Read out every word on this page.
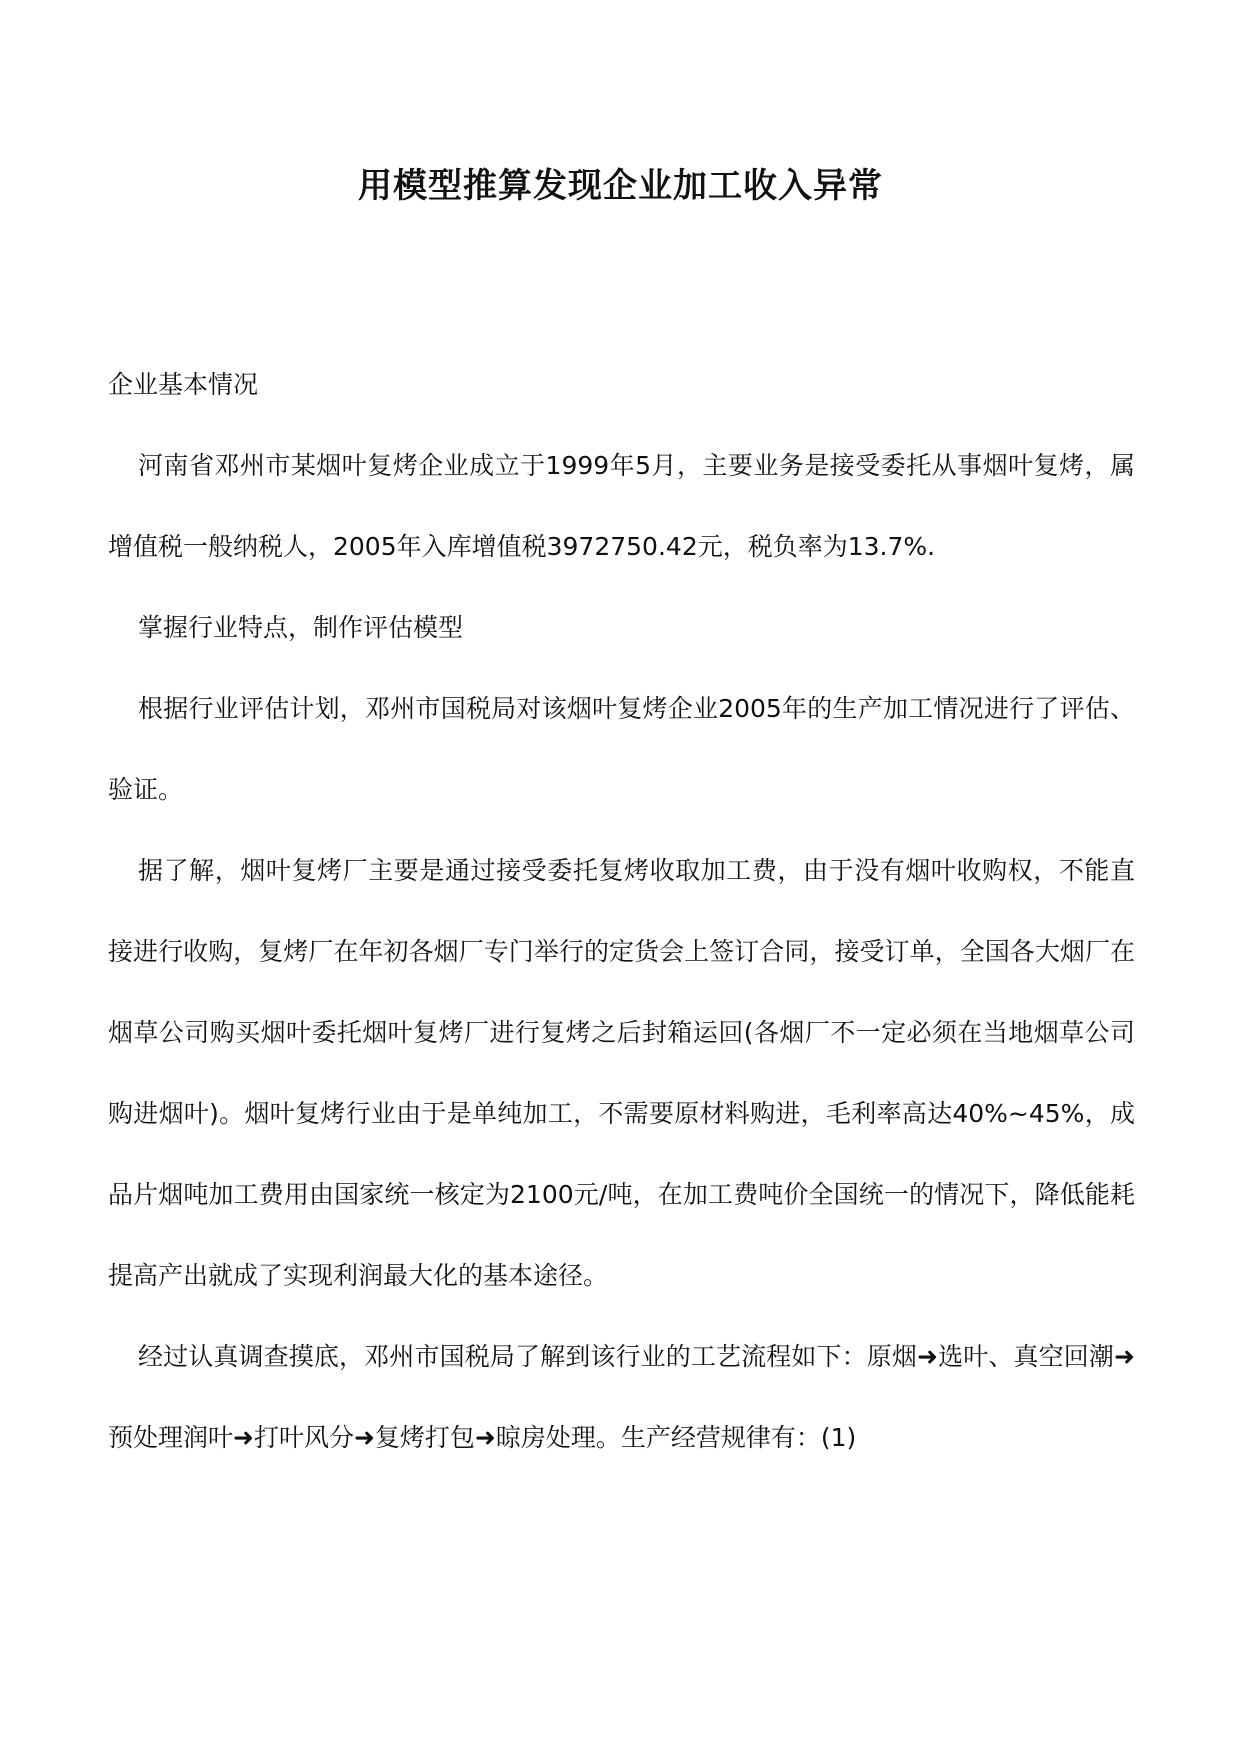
用模型推算发现企业加工收入异常

企业基本情况

河南省邓州市某烟叶复烤企业成立于1999年5月，主要业务是接受委托从事烟叶复烤，属增值税一般纳税人，2005年入库增值税3972750.42元，税负率为13.7%.

掌握行业特点，制作评估模型

根据行业评估计划，邓州市国税局对该烟叶复烤企业2005年的生产加工情况进行了评估、验证。

据了解，烟叶复烤厂主要是通过接受委托复烤收取加工费，由于没有烟叶收购权，不能直接进行收购，复烤厂在年初各烟厂专门举行的定货会上签订合同，接受订单，全国各大烟厂在烟草公司购买烟叶委托烟叶复烤厂进行复烤之后封箱运回(各烟厂不一定必须在当地烟草公司购进烟叶)。烟叶复烤行业由于是单纯加工，不需要原材料购进，毛利率高达40%~45%，成品片烟吨加工费用由国家统一核定为2100元/吨，在加工费吨价全国统一的情况下，降低能耗提高产出就成了实现利润最大化的基本途径。

经过认真调查摸底，邓州市国税局了解到该行业的工艺流程如下：原烟➜选叶、真空回潮➜预处理润叶➜打叶风分➜复烤打包➜晾房处理。生产经营规律有：(1)
